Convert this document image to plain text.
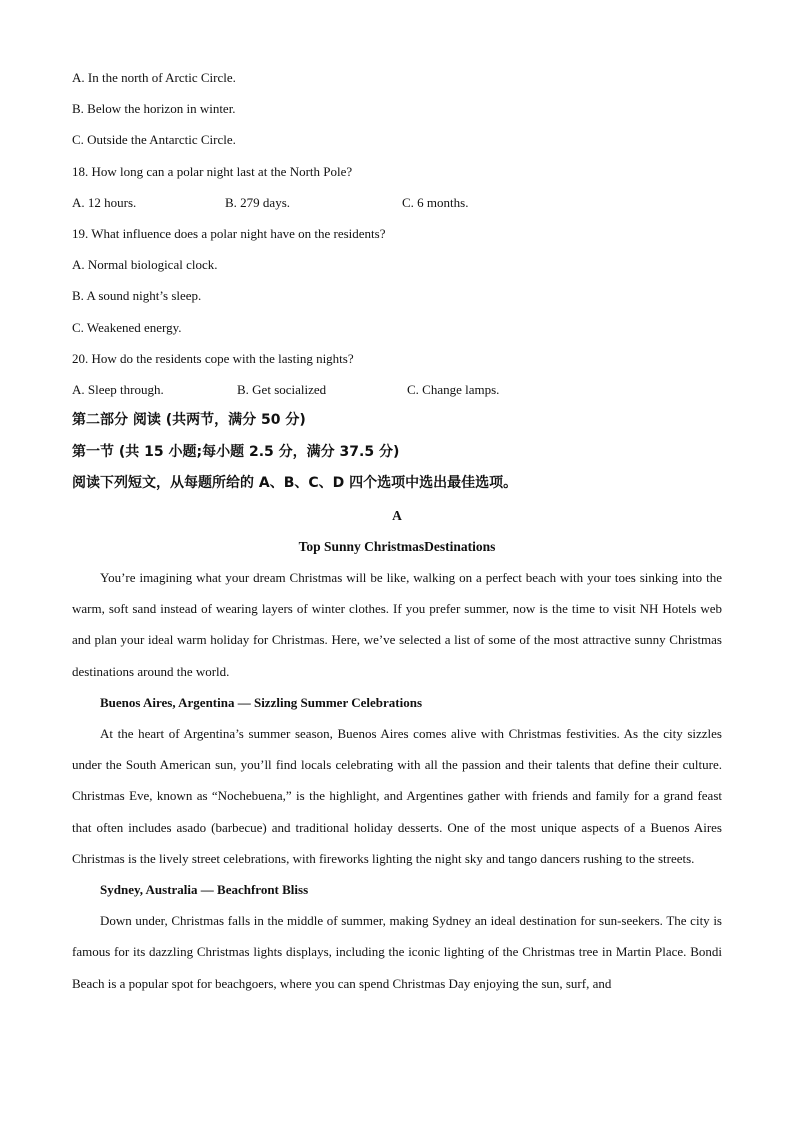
A. In the north of Arctic Circle.
B. Below the horizon in winter.
C. Outside the Antarctic Circle.
18. How long can a polar night last at the North Pole?
A. 12 hours.	B. 279 days.	C. 6 months.
19. What influence does a polar night have on the residents?
A. Normal biological clock.
B. A sound night’s sleep.
C. Weakened energy.
20. How do the residents cope with the lasting nights?
A. Sleep through.	B. Get socialized	C. Change lamps.
第二部分 阅读 (共两节，满分 50 分)
第一节 (共 15 小题;每小题 2.5 分，满分 37.5 分)
阅读下列短文，从每题所给的 A、B、C、D 四个选项中选出最佳选项。
A
Top Sunny ChristmasDestinations

You’re imagining what your dream Christmas will be like, walking on a perfect beach with your toes sinking into the warm, soft sand instead of wearing layers of winter clothes. If you prefer summer, now is the time to visit NH Hotels web and plan your ideal warm holiday for Christmas. Here, we’ve selected a list of some of the most attractive sunny Christmas destinations around the world.

Buenos Aires, Argentina — Sizzling Summer Celebrations

At the heart of Argentina’s summer season, Buenos Aires comes alive with Christmas festivities. As the city sizzles under the South American sun, you’ll find locals celebrating with all the passion and their talents that define their culture. Christmas Eve, known as “Nochebuena,” is the highlight, and Argentines gather with friends and family for a grand feast that often includes asado (barbecue) and traditional holiday desserts. One of the most unique aspects of a Buenos Aires Christmas is the lively street celebrations, with fireworks lighting the night sky and tango dancers rushing to the streets.

Sydney, Australia — Beachfront Bliss

Down under, Christmas falls in the middle of summer, making Sydney an ideal destination for sun-seekers. The city is famous for its dazzling Christmas lights displays, including the iconic lighting of the Christmas tree in Martin Place. Bondi Beach is a popular spot for beachgoers, where you can spend Christmas Day enjoying the sun, surf, and
